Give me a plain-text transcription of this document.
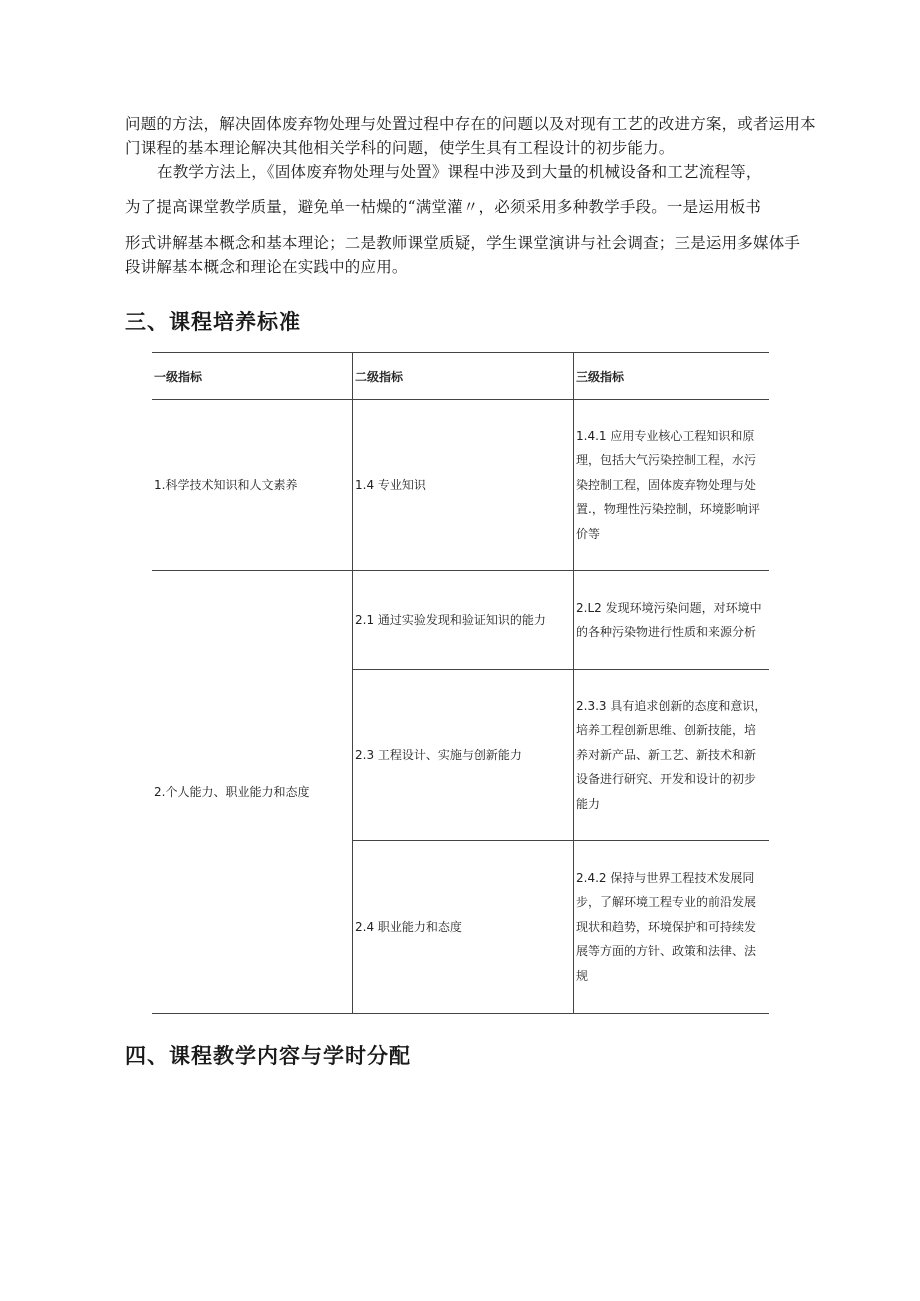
问题的方法，解决固体废弃物处理与处置过程中存在的问题以及对现有工艺的改进方案，或者运用本
门课程的基本理论解决其他相关学科的问题，使学生具有工程设计的初步能力。
在教学方法上，《固体废弃物处理与处置》课程中涉及到大量的机械设备和工艺流程等，
为了提高课堂教学质量，避免单一枯燥的“满堂灌〃，必须采用多种教学手段。一是运用板书
形式讲解基本概念和基本理论；二是教师课堂质疑，学生课堂演讲与社会调查；三是运用多媒体手
段讲解基本概念和理论在实践中的应用。
三、课程培养标准
一级指标	二级指标	三级指标
1.科学技术知识和人文素养	1.4 专业知识	1.4.1 应用专业核心工程知识和原理，包括大气污染控制工程，水污染控制工程，固体废弃物处理与处置.，物理性污染控制，环境影响评价等
2.个人能力、职业能力和态度	2.1 通过实验发现和验证知识的能力	2.L2 发现环境污染问题，对环境中的各种污染物进行性质和来源分析
	2.3 工程设计、实施与创新能力	2.3.3 具有追求创新的态度和意识，培养工程创新思维、创新技能，培养对新产品、新工艺、新技术和新设备进行研究、开发和设计的初步能力
	2.4 职业能力和态度	2.4.2 保持与世界工程技术发展同步，了解环境工程专业的前沿发展现状和趋势，环境保护和可持续发展等方面的方针、政策和法律、法规
四、课程教学内容与学时分配
